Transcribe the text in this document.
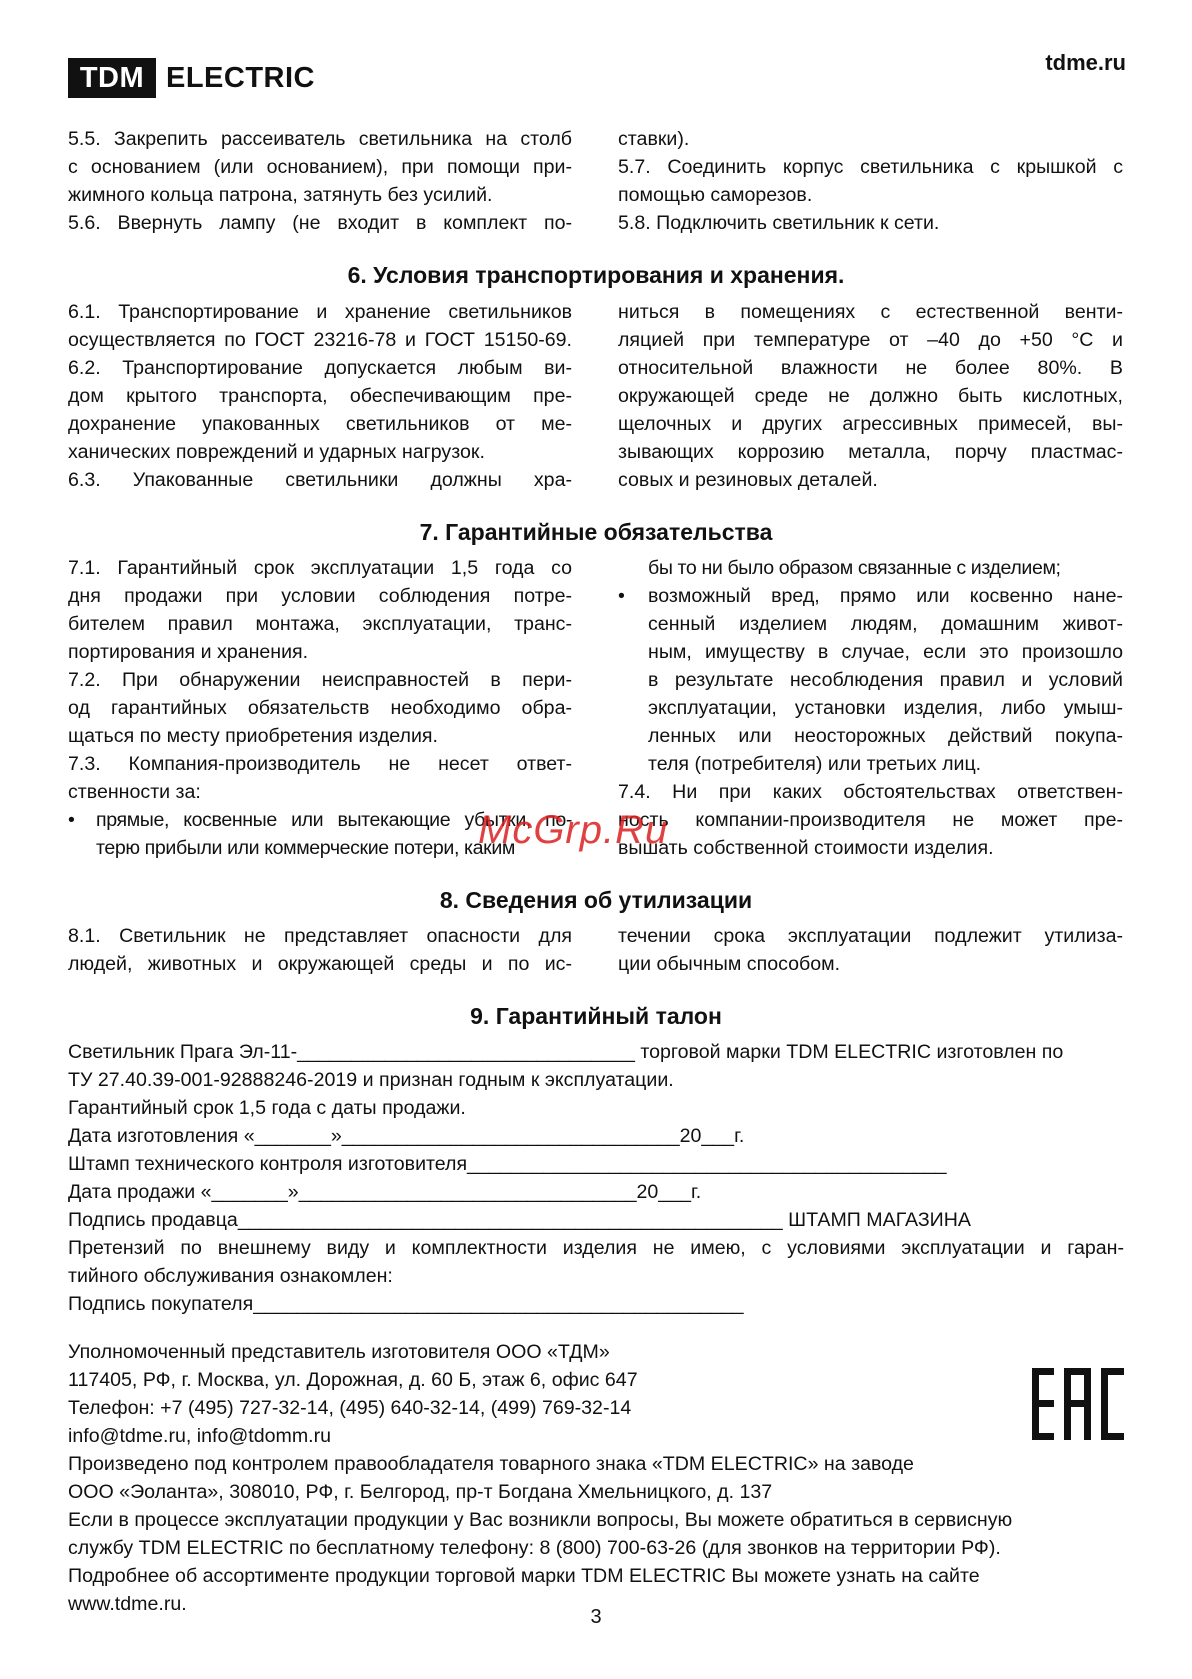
TDM ELECTRIC	tdme.ru
5.5. Закрепить рассеиватель светильника на столб
с основанием (или основанием), при помощи при-
жимного кольца патрона, затянуть без усилий.
5.6. Ввернуть лампу (не входит в комплект по-
ставки).
5.7. Соединить корпус светильника с крышкой с
помощью саморезов.
5.8. Подключить светильник к сети.
6. Условия транспортирования и хранения.
6.1. Транспортирование и хранение светильников
осуществляется по ГОСТ 23216-78 и ГОСТ 15150-69.
6.2. Транспортирование допускается любым ви-
дом крытого транспорта, обеспечивающим пре-
дохранение упакованных светильников от ме-
ханических повреждений и ударных нагрузок.
6.3. Упакованные светильники должны хра-
ниться в помещениях с естественной венти-
ляцией при температуре от –40 до +50 °С и
относительной влажности не более 80%. В
окружающей среде не должно быть кислотных,
щелочных и других агрессивных примесей, вы-
зывающих коррозию металла, порчу пластмас-
совых и резиновых деталей.
7. Гарантийные обязательства
7.1. Гарантийный срок эксплуатации 1,5 года со
дня продажи при условии соблюдения потре-
бителем правил монтажа, эксплуатации, транс-
портирования и хранения.
7.2. При обнаружении неисправностей в пери-
од гарантийных обязательств необходимо обра-
щаться по месту приобретения изделия.
7.3. Компания-производитель не несет ответ-
ственности за:
• прямые, косвенные или вытекающие убытки, по-
терю прибыли или коммерческие потери, каким
бы то ни было образом связанные с изделием;
• возможный вред, прямо или косвенно нане-
сенный изделием людям, домашним живот-
ным, имуществу в случае, если это произошло
в результате несоблюдения правил и условий
эксплуатации, установки изделия, либо умыш-
ленных или неосторожных действий покупа-
теля (потребителя) или третьих лиц.
7.4. Ни при каких обстоятельствах ответствен-
ность компании-производителя не может пре-
вышать собственной стоимости изделия.
8. Сведения об утилизации
8.1. Светильник не представляет опасности для
людей, животных и окружающей среды и по ис-
течении срока эксплуатации подлежит утилиза-
ции обычным способом.
9. Гарантийный талон
Светильник Прага Эл-11-_______________________________ торговой марки TDM ELECTRIC изготовлен по
ТУ 27.40.39-001-92888246-2019 и признан годным к эксплуатации.
Гарантийный срок 1,5 года с даты продажи.
Дата изготовления «_______»_______________________________20___г.
Штамп технического контроля изготовителя____________________________________________
Дата продажи «_______»_______________________________20___г.
Подпись продавца__________________________________________________ ШТАМП МАГАЗИНА
Претензий по внешнему виду и комплектности изделия не имею, с условиями эксплуатации и гаран-
тийного обслуживания ознакомлен:
Подпись покупателя_____________________________________________
Уполномоченный представитель изготовителя ООО «ТДМ»
117405, РФ, г. Москва, ул. Дорожная, д. 60 Б, этаж 6, офис 647
Телефон: +7 (495) 727-32-14, (495) 640-32-14, (499) 769-32-14
info@tdme.ru, info@tdomm.ru
Произведено под контролем правообладателя товарного знака «TDM ELECTRIC» на заводе
ООО «Эоланта», 308010, РФ, г. Белгород, пр-т Богдана Хмельницкого, д. 137
Если в процессе эксплуатации продукции у Вас возникли вопросы, Вы можете обратиться в сервисную
службу TDM ELECTRIC по бесплатному телефону: 8 (800) 700-63-26 (для звонков на территории РФ).
Подробнее об ассортименте продукции торговой марки TDM ELECTRIC Вы можете узнать на сайте
www.tdme.ru.
McGrp.Ru
3
